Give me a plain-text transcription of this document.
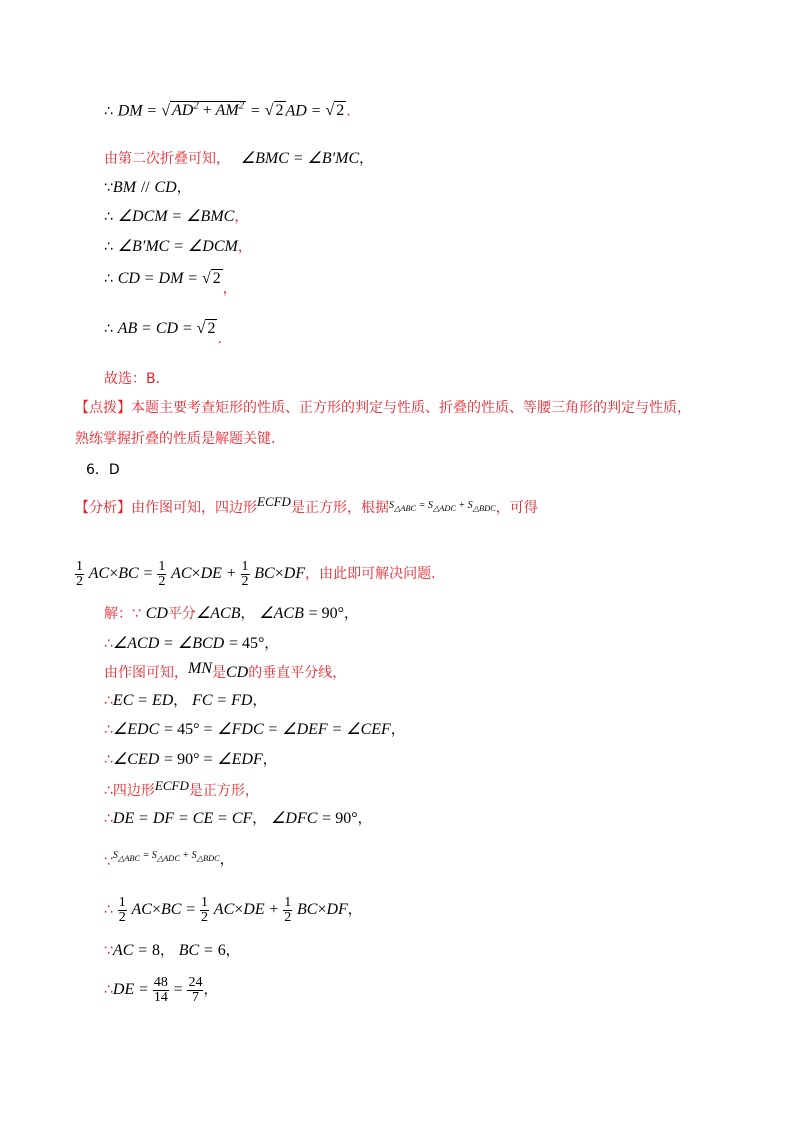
∴ DM = √ $AD^2 + AM^2$ = √ 2 AD = √ 2 .
由第二次折叠可知， ∠BMC = ∠B′MC，
∵BM // CD，
∴ ∠DCM = ∠BMC，
∴ ∠B′MC = ∠DCM，
∴ CD = DM = √ 2，
∴ AB = CD = √ 2.
故选：B.
【点拨】本题主要考查矩形的性质、正方形的判定与性质、折叠的性质、等腰三角形的判定与性质，
熟练掌握折叠的性质是解题关键.
6．D
【分析】由作图可知，四边形ECFD是正方形，根据$^{S_{\triangle ABC} = S_{\triangle ADC} + S_{\triangle BDC}}$，可得
$\frac{1}{2} AC\times BC = \frac{1}{2} AC\times DE + \frac{1}{2} BC\times DF$，由此即可解决问题.
解：∵ CD平分∠ACB， ∠ACB = 90°，
∴∠ACD = ∠BCD = 45°，
由作图可知，MN是CD的垂直平分线，
∴EC = ED， FC = FD，
∴∠EDC = 45° = ∠FDC = ∠DEF = ∠CEF，
∴∠CED = 90° = ∠EDF，
∴四边形ECFD是正方形，
∴DE = DF = CE = CF， ∠DFC = 90°，
$\because S_{\triangle ABC} = S_{\triangle ADC} + S_{\triangle BDC}$，
∴ $\frac{1}{2} AC\times BC = \frac{1}{2} AC\times DE + \frac{1}{2} BC\times DF$，
∵AC = 8， BC = 6，
∴DE = $\frac{48}{14} = \frac{24}{7}$ ，
